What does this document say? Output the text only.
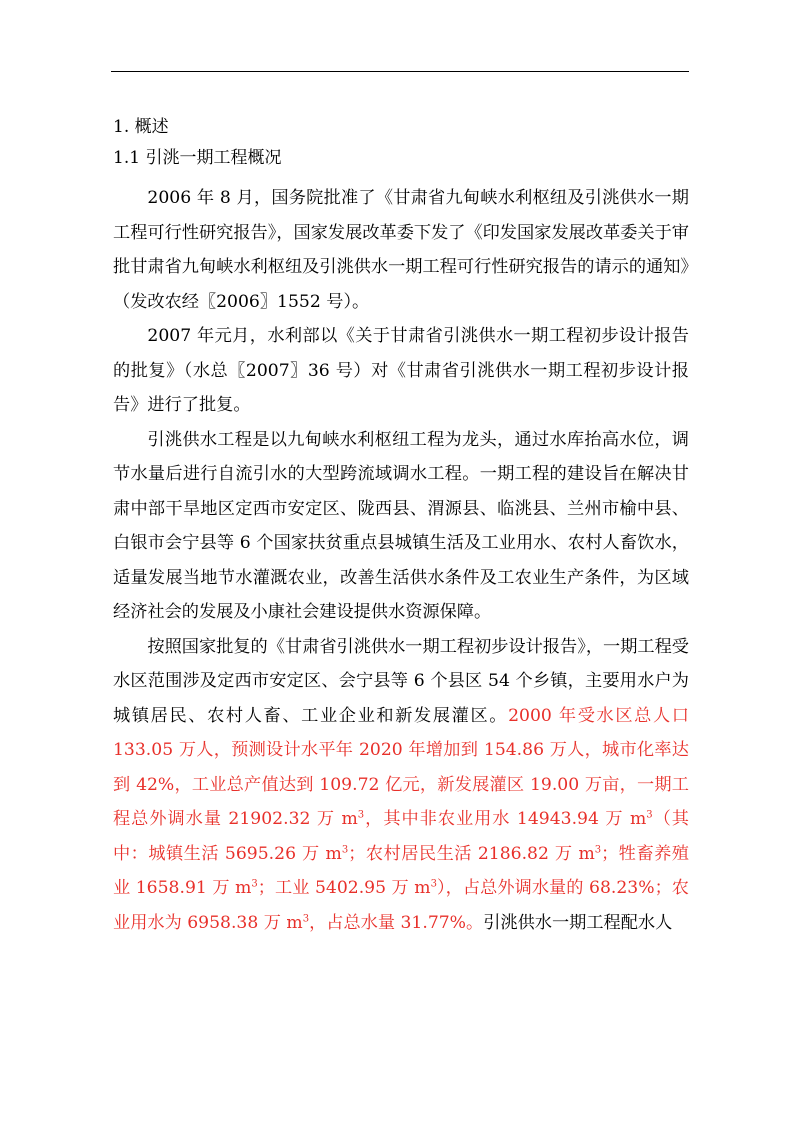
1. 概述
1.1 引洮一期工程概况

2006 年 8 月，国务院批准了《甘肃省九甸峡水利枢纽及引洮供水一期工程可行性研究报告》，国家发展改革委下发了《印发国家发展改革委关于审批甘肃省九甸峡水利枢纽及引洮供水一期工程可行性研究报告的请示的通知》（发改农经〖2006〗1552 号）。

2007 年元月，水利部以《关于甘肃省引洮供水一期工程初步设计报告的批复》（水总〖2007〗36 号）对《甘肃省引洮供水一期工程初步设计报告》进行了批复。

引洮供水工程是以九甸峡水利枢纽工程为龙头，通过水库抬高水位，调节水量后进行自流引水的大型跨流域调水工程。一期工程的建设旨在解决甘肃中部干旱地区定西市安定区、陇西县、渭源县、临洮县、兰州市榆中县、白银市会宁县等 6 个国家扶贫重点县城镇生活及工业用水、农村人畜饮水，适量发展当地节水灌溉农业，改善生活供水条件及工农业生产条件，为区域经济社会的发展及小康社会建设提供水资源保障。

按照国家批复的《甘肃省引洮供水一期工程初步设计报告》，一期工程受水区范围涉及定西市安定区、会宁县等 6 个县区 54 个乡镇，主要用水户为城镇居民、农村人畜、工业企业和新发展灌区。2000 年受水区总人口 133.05 万人，预测设计水平年 2020 年增加到 154.86 万人，城市化率达到 42%，工业总产值达到 109.72 亿元，新发展灌区 19.00 万亩，一期工程总外调水量 21902.32 万 $m^3$，其中非农业用水 14943.94 万 $m^3$（其中：城镇生活 5695.26 万 $m^3$；农村居民生活 2186.82 万 $m^3$；牲畜养殖业 1658.91 万 $m^3$；工业 5402.95 万 $m^3$），占总外调水量的 68.23%；农业用水为 6958.38 万 $m^3$，占总水量 31.77%。引洮供水一期工程配水人
